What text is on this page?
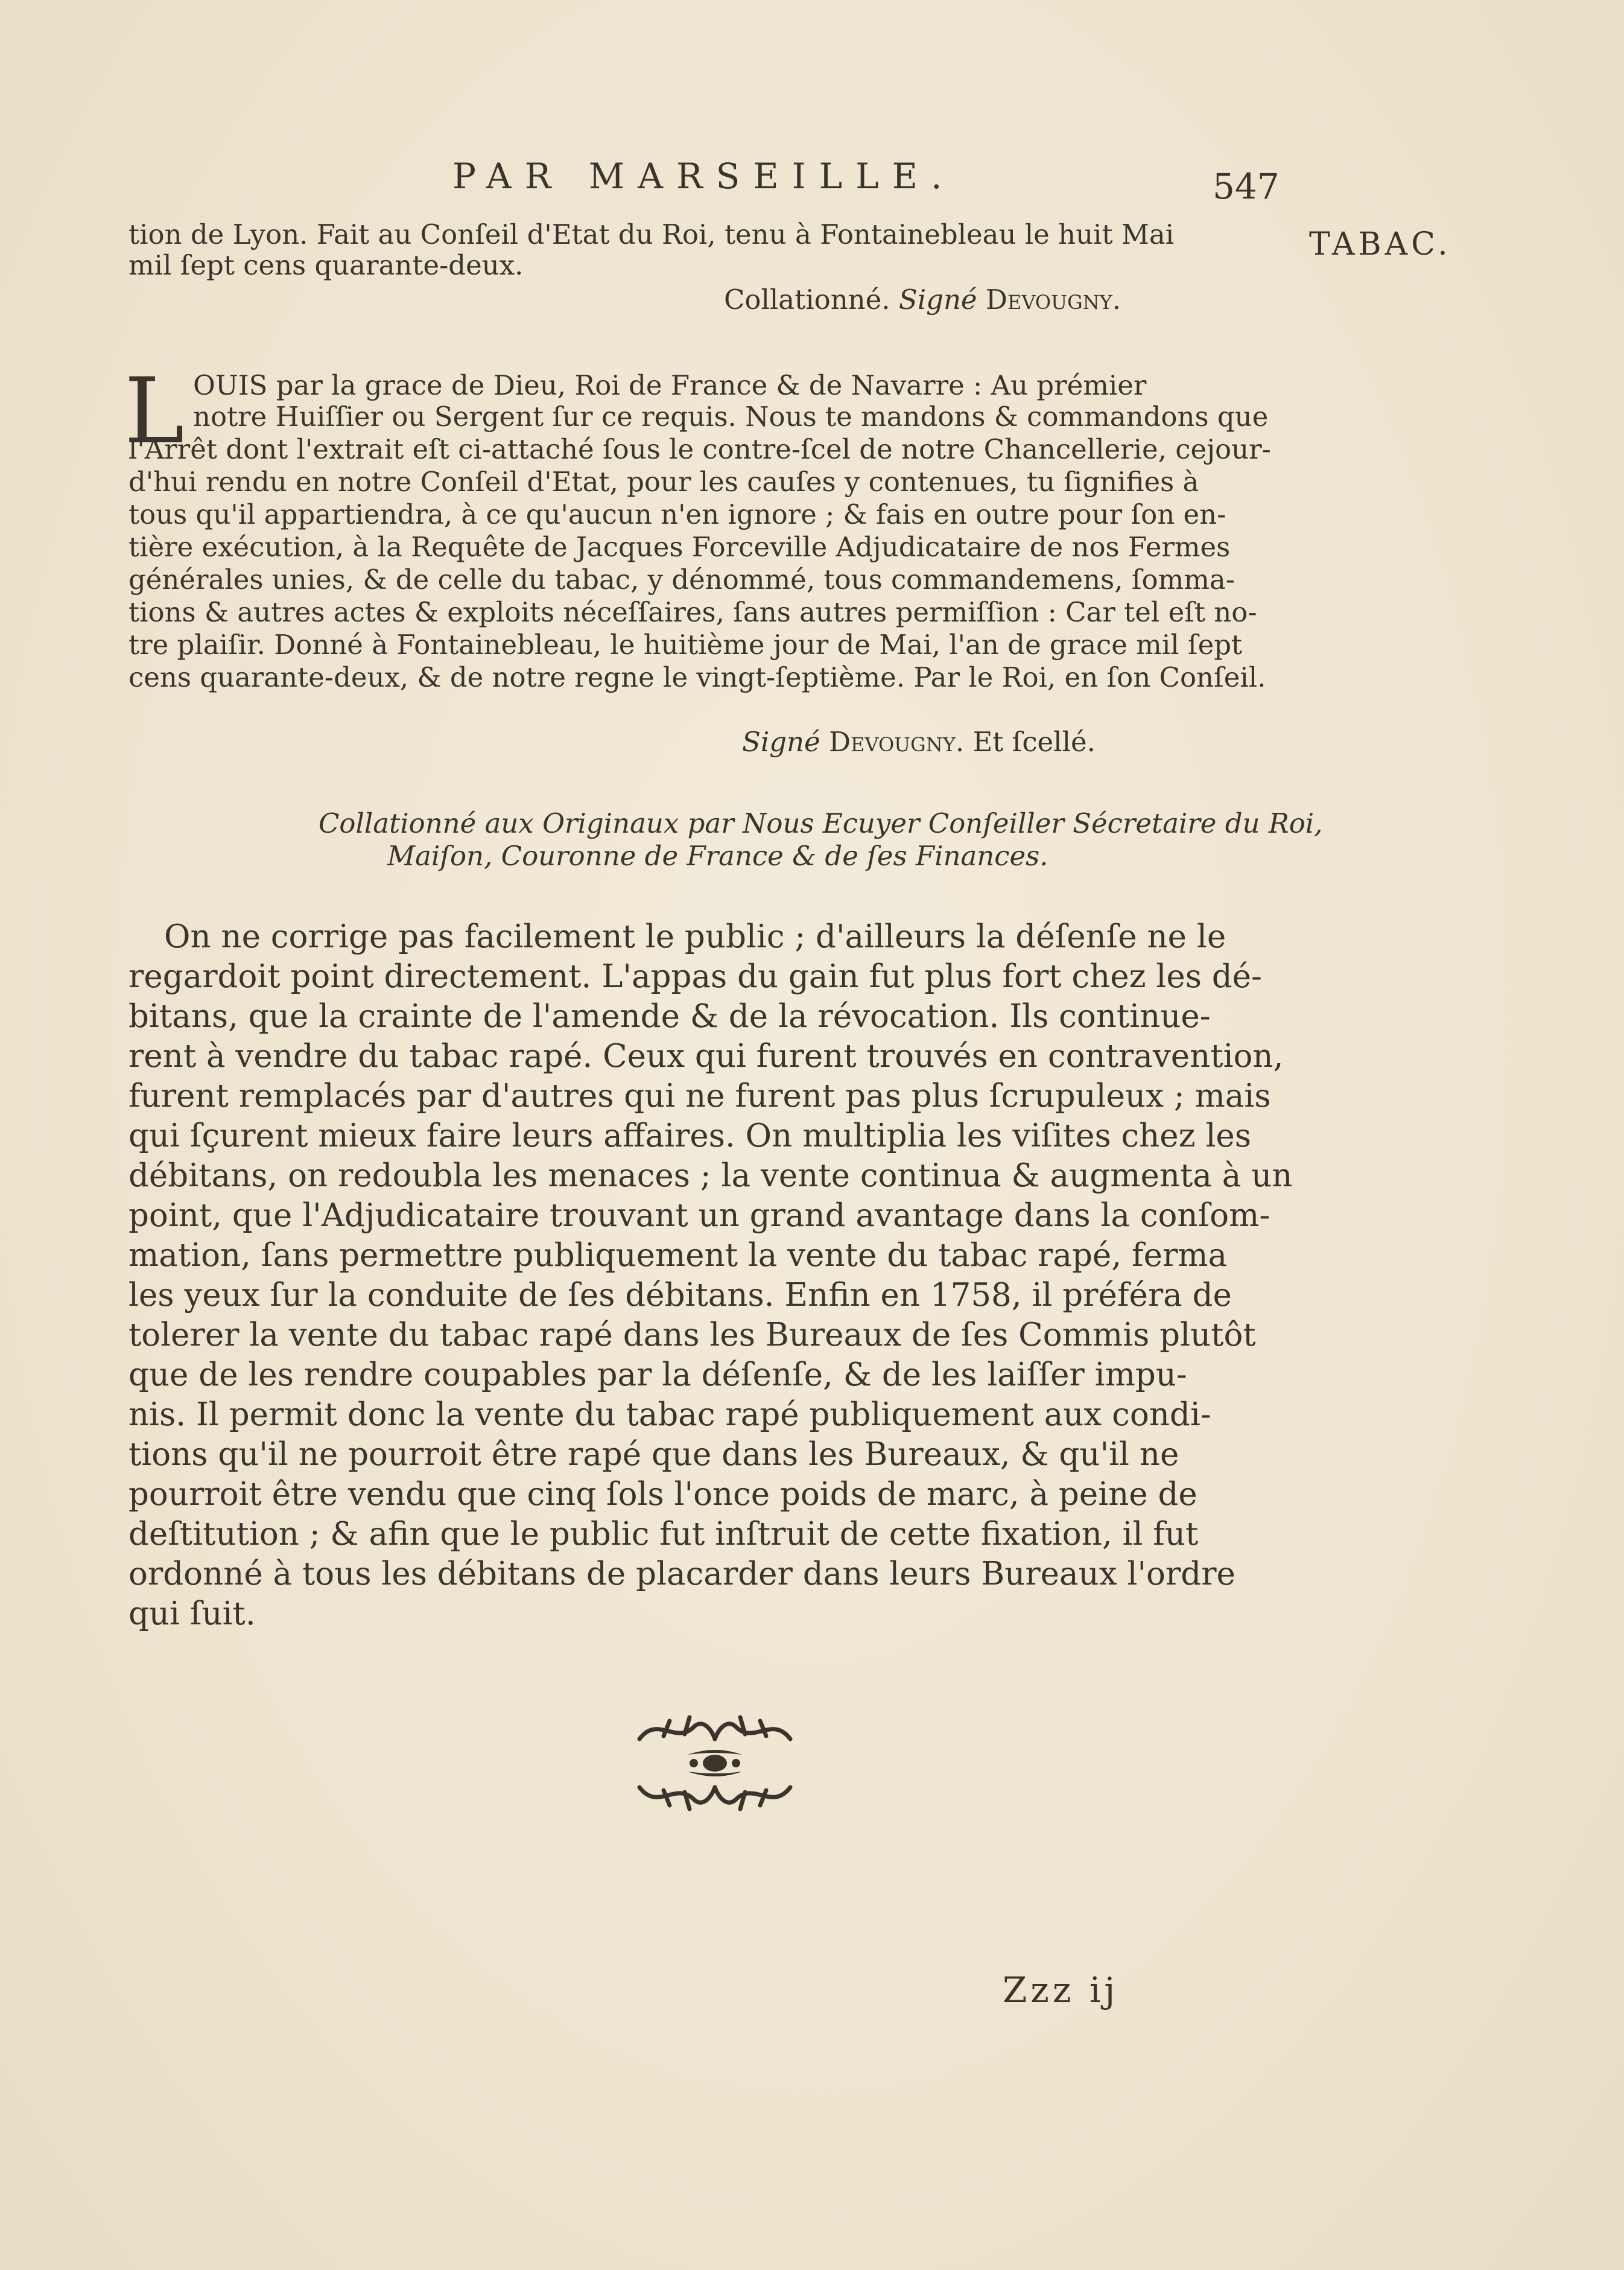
PAR MARSEILLE.	547
TABAC.
tion de Lyon. Fait au Conſeil d'Etat du Roi, tenu à Fontainebleau le huit Mai
mil ſept cens quarante-deux.
Collationné. Signé Devougny.
L OUIS par la grace de Dieu, Roi de France & de Navarre : Au prémier
notre Huiſſier ou Sergent ſur ce requis. Nous te mandons & commandons que
l'Arrêt dont l'extrait eſt ci-attaché ſous le contre-ſcel de notre Chancellerie, cejour-
d'hui rendu en notre Conſeil d'Etat, pour les cauſes y contenues, tu ſignifies à
tous qu'il appartiendra, à ce qu'aucun n'en ignore ; & fais en outre pour ſon en-
tière exécution, à la Requête de Jacques Forceville Adjudicataire de nos Fermes
générales unies, & de celle du tabac, y dénommé, tous commandemens, ſomma-
tions & autres actes & exploits néceſſaires, ſans autres permiſſion : Car tel eſt no-
tre plaiſir. Donné à Fontainebleau, le huitième jour de Mai, l'an de grace mil ſept
cens quarante-deux, & de notre regne le vingt-ſeptième. Par le Roi, en ſon Conſeil.
Signé Devougny. Et ſcellé.
Collationné aux Originaux par Nous Ecuyer Conſeiller Sécretaire du Roi,
Maiſon, Couronne de France & de ſes Finances.
On ne corrige pas facilement le public ; d'ailleurs la déſenſe ne le
regardoit point directement. L'appas du gain fut plus fort chez les dé-
bitans, que la crainte de l'amende & de la révocation. Ils continue-
rent à vendre du tabac rapé. Ceux qui furent trouvés en contravention,
furent remplacés par d'autres qui ne furent pas plus ſcrupuleux ; mais
qui ſçurent mieux faire leurs affaires. On multiplia les viſites chez les
débitans, on redoubla les menaces ; la vente continua & augmenta à un
point, que l'Adjudicataire trouvant un grand avantage dans la conſom-
mation, ſans permettre publiquement la vente du tabac rapé, ferma
les yeux ſur la conduite de ſes débitans. Enfin en 1758, il préféra de
tolerer la vente du tabac rapé dans les Bureaux de ſes Commis plutôt
que de les rendre coupables par la déſenſe, & de les laiſſer impu-
nis. Il permit donc la vente du tabac rapé publiquement aux condi-
tions qu'il ne pourroit être rapé que dans les Bureaux, & qu'il ne
pourroit être vendu que cinq ſols l'once poids de marc, à peine de
deſtitution ; & afin que le public fut inſtruit de cette fixation, il fut
ordonné à tous les débitans de placarder dans leurs Bureaux l'ordre
qui ſuit.
Zzz ij
